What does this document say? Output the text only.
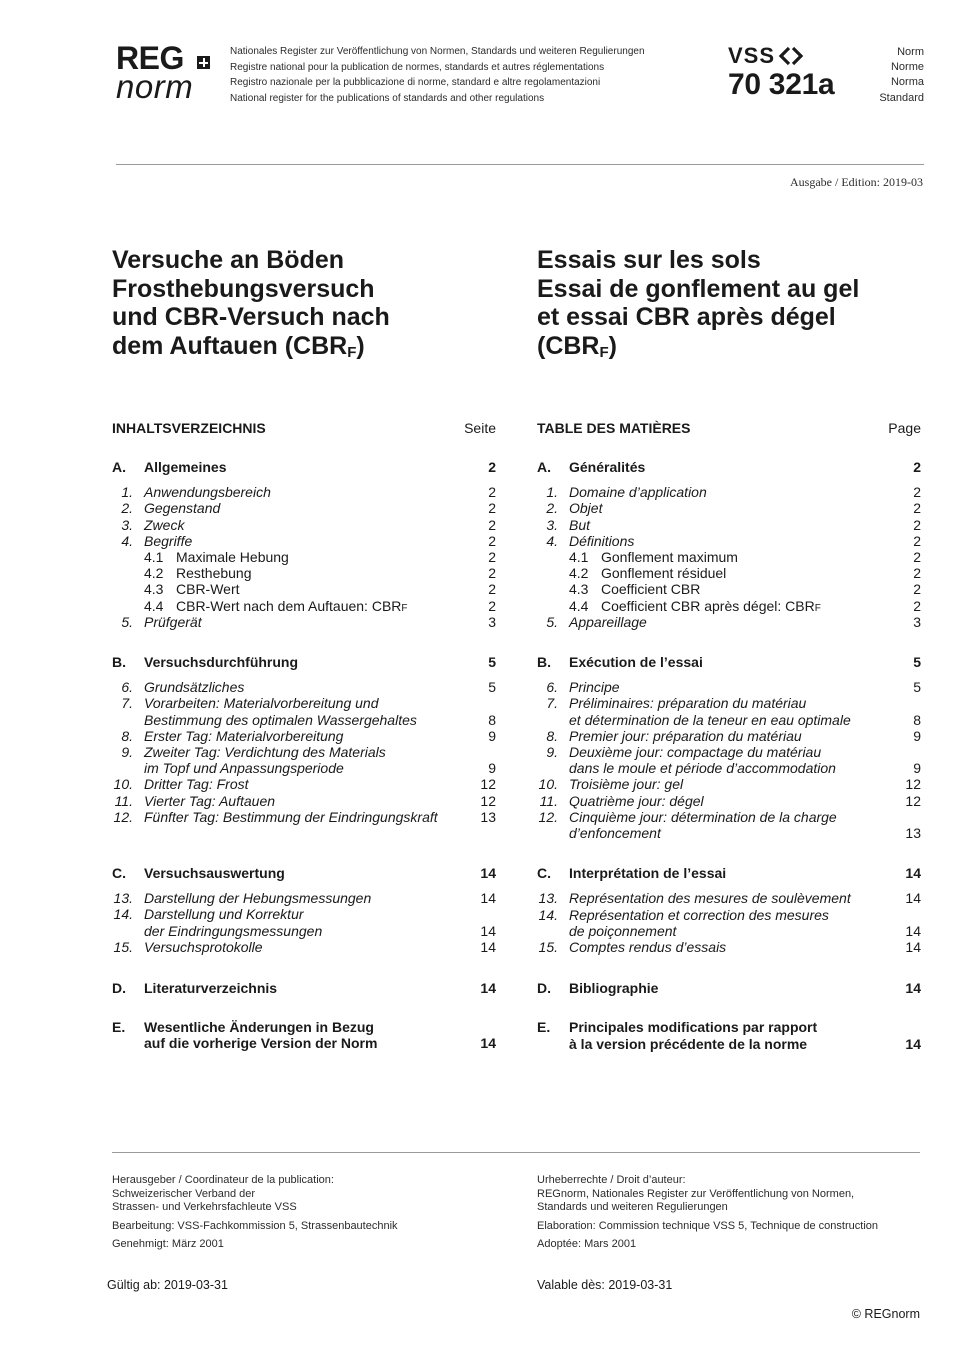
REG
norm
Nationales Register zur Veröffentlichung von Normen, Standards und weiteren Regulierungen
Registre national pour la publication de normes, standards et autres réglementations
Registro nazionale per la pubblicazione di norme, standard e altre regolamentazioni
National register for the publications of standards and other regulations
VSS
70 321a
Norm
Norme
Norma
Standard
Ausgabe / Edition: 2019-03
Versuche an Böden
Frosthebungsversuch
und CBR-Versuch nach
dem Auftauen $(CBR_F)$
Essais sur les sols
Essai de gonflement au gel
et essai CBR après dégel
$(CBR_F)$
INHALTSVERZEICHNIS	Seite
A.	Allgemeines	2
1. Anwendungsbereich	2
2. Gegenstand	2
3. Zweck	2
4. Begriffe	2
4.1 Maximale Hebung	2
4.2 Resthebung	2
4.3 CBR-Wert	2
4.4 CBR-Wert nach dem Auftauen: CBR F	2
5. Prüfgerät	3
B.	Versuchsdurchführung	5
6. Grundsätzliches	5
7. Vorarbeiten: Materialvorbereitung und
Bestimmung des optimalen Wassergehaltes	8
8. Erster Tag: Materialvorbereitung	9
9. Zweiter Tag: Verdichtung des Materials
im Topf und Anpassungsperiode	9
10. Dritter Tag: Frost	12
11. Vierter Tag: Auftauen	12
12. Fünfter Tag: Bestimmung der Eindringungskraft	13
C.	Versuchsauswertung	14
13. Darstellung der Hebungsmessungen	14
14. Darstellung und Korrektur
der Eindringungsmessungen	14
15. Versuchsprotokolle	14
D.	Literaturverzeichnis	14
E.	Wesentliche Änderungen in Bezug
auf die vorherige Version der Norm	14
TABLE DES MATIÈRES	Page
A.	Généralités	2
1. Domaine d’application	2
2. Objet	2
3. But	2
4. Définitions	2
4.1 Gonflement maximum	2
4.2 Gonflement résiduel	2
4.3 Coefficient CBR	2
4.4 Coefficient CBR après dégel: CBR F	2
5. Appareillage	3
B.	Exécution de l’essai	5
6. Principe	5
7. Préliminaires: préparation du matériau
et détermination de la teneur en eau optimale	8
8. Premier jour: préparation du matériau	9
9. Deuxième jour: compactage du matériau
dans le moule et période d’accommodation	9
10. Troisième jour: gel	12
11. Quatrième jour: dégel	12
12. Cinquième jour: détermination de la charge
d’enfoncement	13
C.	Interprétation de l’essai	14
13. Représentation des mesures de soulèvement	14
14. Représentation et correction des mesures
de poiçonnement	14
15. Comptes rendus d’essais	14
D.	Bibliographie	14
E.	Principales modifications par rapport
à la version précédente de la norme	14

Herausgeber / Coordinateur de la publication:
Schweizerischer Verband der
Strassen- und Verkehrsfachleute VSS

Bearbeitung: VSS-Fachkommission 5, Strassenbautechnik

Genehmigt: März 2001

Urheberrechte / Droit d’auteur:
REGnorm, Nationales Register zur Veröffentlichung von Normen,
Standards und weiteren Regulierungen

Elaboration: Commission technique VSS 5, Technique de construction

Adoptée: Mars 2001

Gültig ab: 2019-03-31	Valable dès: 2019-03-31
© REGnorm
